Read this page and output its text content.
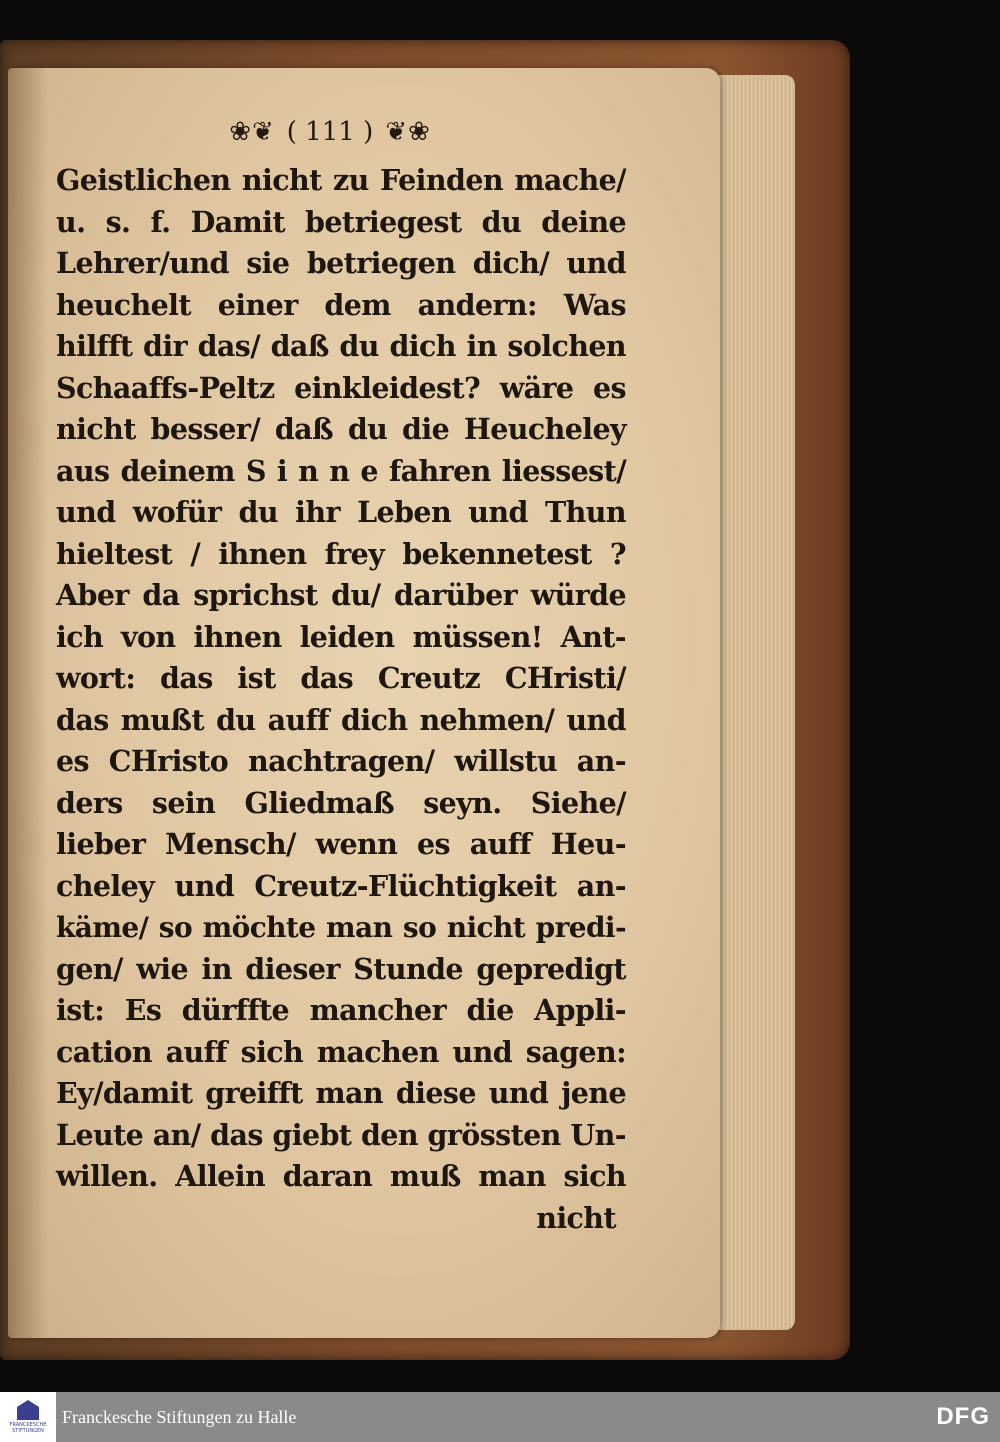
❀❦ ( 111 ) ❦❀
Geistlichen nicht zu Feinden mache/
u. s. f. Damit betriegest du deine
Lehrer/und sie betriegen dich/ und
heuchelt einer dem andern: Was
hilfft dir das/ daß du dich in solchen
Schaaffs-Peltz einkleidest? wäre es
nicht besser/ daß du die Heucheley
aus deinem S i n n e fahren liessest/
und wofür du ihr Leben und Thun
hieltest / ihnen frey bekennetest ?
Aber da sprichst du/ darüber würde
ich von ihnen leiden müssen! Ant-
wort: das ist das Creutz CHristi/
das mußt du auff dich nehmen/ und
es CHristo nachtragen/ willstu an-
ders sein Gliedmaß seyn. Siehe/
lieber Mensch/ wenn es auff Heu-
cheley und Creutz-Flüchtigkeit an-
käme/ so möchte man so nicht predi-
gen/ wie in dieser Stunde gepredigt
ist: Es dürffte mancher die Appli-
cation auff sich machen und sagen:
Ey/damit greifft man diese und jene
Leute an/ das giebt den grössten Un-
willen. Allein daran muß man sich
nicht
FRANCKESCHE
STIFTUNGEN
Franckesche Stiftungen zu Halle	DFG
